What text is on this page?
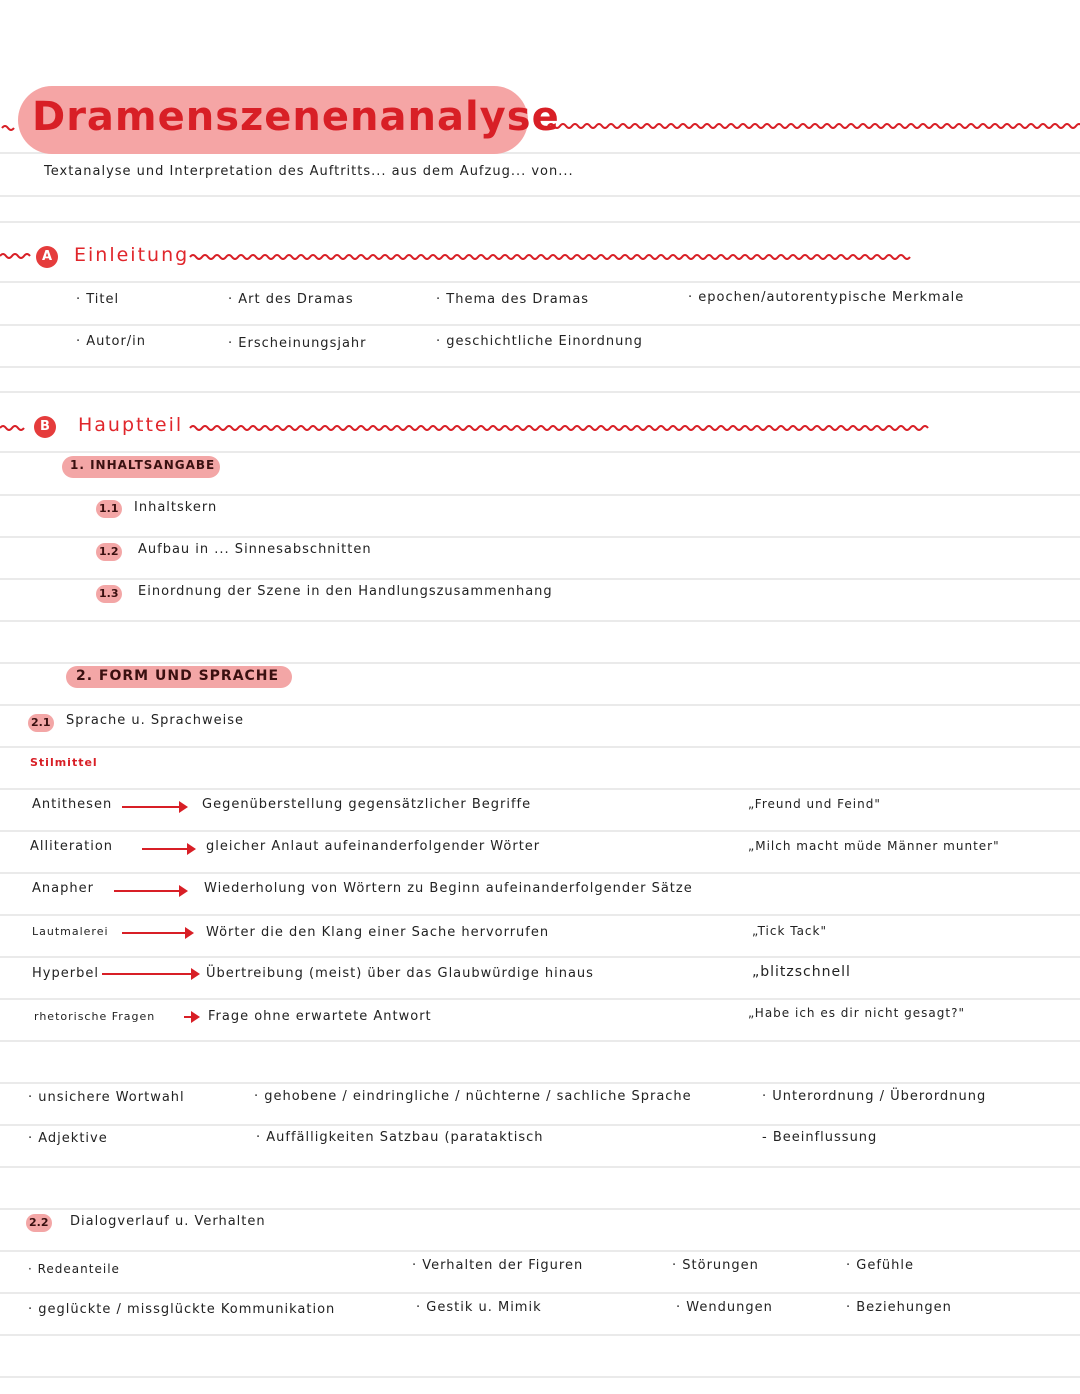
Dramenszenenanalyse
Textanalyse und Interpretation des Auftritts... aus dem Aufzug... von...
A	Einleitung
· Titel	· Art des Dramas	· Thema des Dramas	· epochen/autorentypische Merkmale
· Autor/in	· Erscheinungsjahr	· geschichtliche Einordnung
B	Hauptteil
1. INHALTSANGABE
1.1 Inhaltskern
1.2 Aufbau in ... Sinnesabschnitten
1.3 Einordnung der Szene in den Handlungszusammenhang
2. FORM UND SPRACHE
2.1 Sprache u. Sprachweise
Stilmittel
Antithesen	Gegenüberstellung gegensätzlicher Begriffe	„Freund und Feind"
Alliteration	gleicher Anlaut aufeinanderfolgender Wörter	„Milch macht müde Männer munter"
Anapher	Wiederholung von Wörtern zu Beginn aufeinanderfolgender Sätze
Lautmalerei	Wörter die den Klang einer Sache hervorrufen	„Tick Tack"
Hyperbel	Übertreibung (meist) über das Glaubwürdige hinaus	„blitzschnell
rhetorische Fragen	Frage ohne erwartete Antwort	„Habe ich es dir nicht gesagt?"
· unsichere Wortwahl	· gehobene / eindringliche / nüchterne / sachliche Sprache	· Unterordnung / Überordnung
· Adjektive	· Auffälligkeiten Satzbau (parataktisch	- Beeinflussung
2.2 Dialogverlauf u. Verhalten
· Redeanteile	· Verhalten der Figuren	· Störungen	· Gefühle
· geglückte / missglückte Kommunikation	· Gestik u. Mimik	· Wendungen	· Beziehungen
